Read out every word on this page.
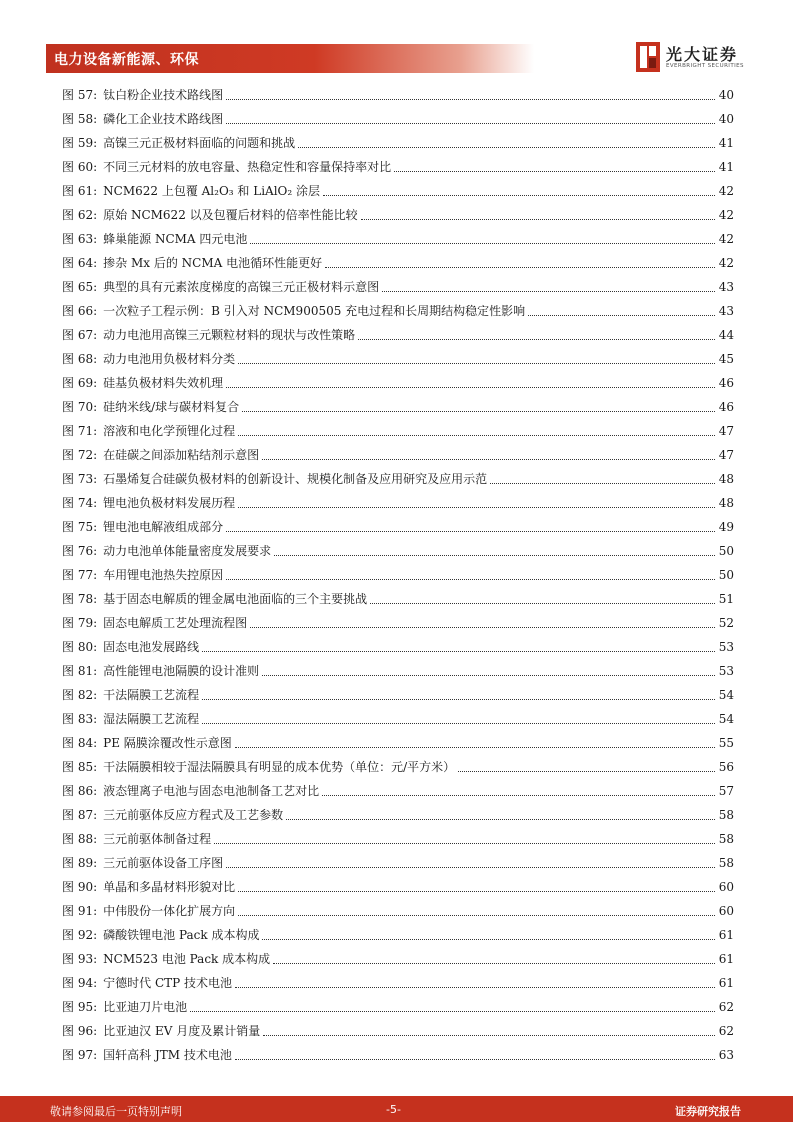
电力设备新能源、环保	光大证券
EVERBRIGHT SECURITIES
图 57: 钛白粉企业技术路线图	40
图 58: 磷化工企业技术路线图	40
图 59: 高镍三元正极材料面临的问题和挑战	41
图 60: 不同三元材料的放电容量、热稳定性和容量保持率对比	41
图 61: NCM622 上包覆 Al₂O₃ 和 LiAlO₂ 涂层	42
图 62: 原始 NCM622 以及包覆后材料的倍率性能比较	42
图 63: 蜂巢能源 NCMA 四元电池	42
图 64: 掺杂 Mx 后的 NCMA 电池循环性能更好	42
图 65: 典型的具有元素浓度梯度的高镍三元正极材料示意图	43
图 66: 一次粒子工程示例：B 引入对 NCM900505 充电过程和长周期结构稳定性影响	43
图 67: 动力电池用高镍三元颗粒材料的现状与改性策略	44
图 68: 动力电池用负极材料分类	45
图 69: 硅基负极材料失效机理	46
图 70: 硅纳米线/球与碳材料复合	46
图 71: 溶液和电化学预锂化过程	47
图 72: 在硅碳之间添加粘结剂示意图	47
图 73: 石墨烯复合硅碳负极材料的创新设计、规模化制备及应用研究及应用示范	48
图 74: 锂电池负极材料发展历程	48
图 75: 锂电池电解液组成部分	49
图 76: 动力电池单体能量密度发展要求	50
图 77: 车用锂电池热失控原因	50
图 78: 基于固态电解质的锂金属电池面临的三个主要挑战	51
图 79: 固态电解质工艺处理流程图	52
图 80: 固态电池发展路线	53
图 81: 高性能锂电池隔膜的设计准则	53
图 82: 干法隔膜工艺流程	54
图 83: 湿法隔膜工艺流程	54
图 84: PE 隔膜涂覆改性示意图	55
图 85: 干法隔膜相较于湿法隔膜具有明显的成本优势（单位：元/平方米）	56
图 86: 液态锂离子电池与固态电池制备工艺对比	57
图 87: 三元前驱体反应方程式及工艺参数	58
图 88: 三元前驱体制备过程	58
图 89: 三元前驱体设备工序图	58
图 90: 单晶和多晶材料形貌对比	60
图 91: 中伟股份一体化扩展方向	60
图 92: 磷酸铁锂电池 Pack 成本构成	61
图 93: NCM523 电池 Pack 成本构成	61
图 94: 宁德时代 CTP 技术电池	61
图 95: 比亚迪刀片电池	62
图 96: 比亚迪汉 EV 月度及累计销量	62
图 97: 国轩高科 JTM 技术电池	63
敬请参阅最后一页特别声明	-5-	证券研究报告
